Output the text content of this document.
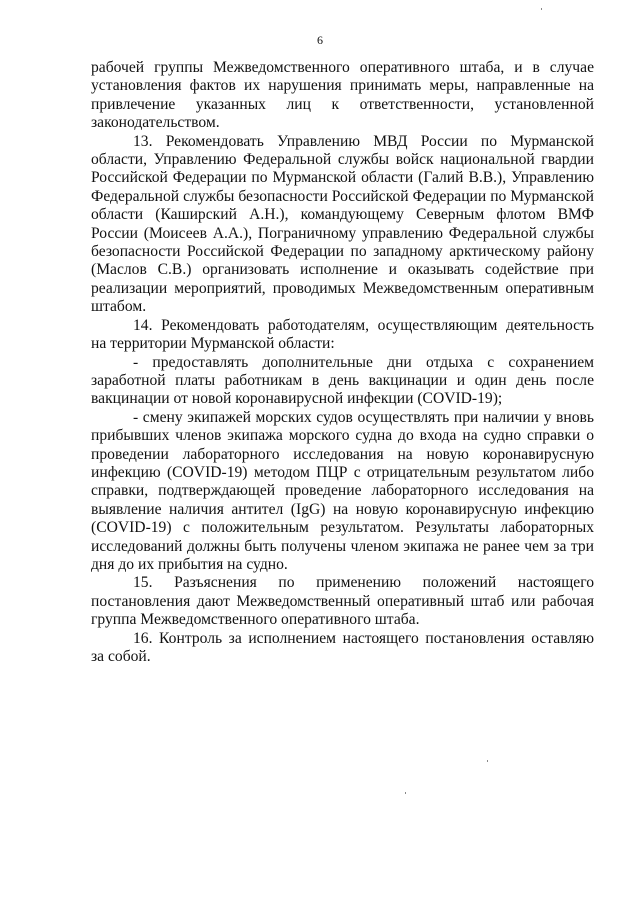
6

рабочей группы Межведомственного оперативного штаба, и в случае установления фактов их нарушения принимать меры, направленные на привлечение указанных лиц к ответственности, установленной законодательством.

13. Рекомендовать Управлению МВД России по Мурманской области, Управлению Федеральной службы войск национальной гвардии Российской Федерации по Мурманской области (Галий В.В.), Управлению Федеральной службы безопасности Российской Федерации по Мурманской области (Каширский А.Н.), командующему Северным флотом ВМФ России (Моисеев А.А.), Пограничному управлению Федеральной службы безопасности Российской Федерации по западному арктическому району (Маслов С.В.) организовать исполнение и оказывать содействие при реализации мероприятий, проводимых Межведомственным оперативным штабом.

14. Рекомендовать работодателям, осуществляющим деятельность на территории Мурманской области:

- предоставлять дополнительные дни отдыха с сохранением заработной платы работникам в день вакцинации и один день после вакцинации от новой коронавирусной инфекции (COVID-19);

- смену экипажей морских судов осуществлять при наличии у вновь прибывших членов экипажа морского судна до входа на судно справки о проведении лабораторного исследования на новую коронавирусную инфекцию (COVID-19) методом ПЦР с отрицательным результатом либо справки, подтверждающей проведение лабораторного исследования на выявление наличия антител (IgG) на новую коронавирусную инфекцию (COVID-19) с положительным результатом. Результаты лабораторных исследований должны быть получены членом экипажа не ранее чем за три дня до их прибытия на судно.

15. Разъяснения по применению положений настоящего постановления дают Межведомственный оперативный штаб или рабочая группа Межведомственного оперативного штаба.

16. Контроль за исполнением настоящего постановления оставляю за собой.
